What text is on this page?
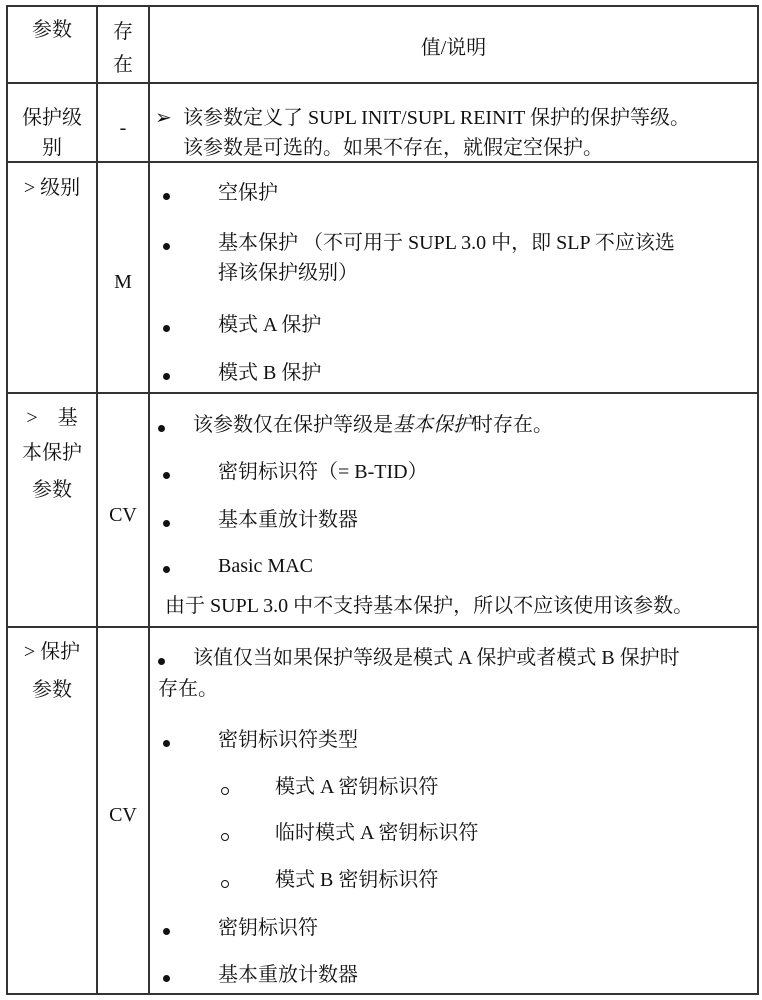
参数	存
在
值/说明
保护级
别
-	➢ 该参数定义了 SUPL INIT/SUPL REINIT 保护的保护等级。
该参数是可选的。如果不存在，就假定空保护。
> 级别
M
空保护
基本保护 （不可用于 SUPL 3.0 中，即 SLP 不应该选
择该保护级别）
模式 A 保护
模式 B 保护
>　基
本保护
参数
CV
该参数仅在保护等级是基本保护时存在。
密钥标识符（= B-TID）
基本重放计数器
Basic MAC
由于 SUPL 3.0 中不支持基本保护，所以不应该使用该参数。
> 保护
参数
CV
该值仅当如果保护等级是模式 A 保护或者模式 B 保护时
存在。
密钥标识符类型
模式 A 密钥标识符
临时模式 A 密钥标识符
模式 B 密钥标识符
密钥标识符
基本重放计数器
